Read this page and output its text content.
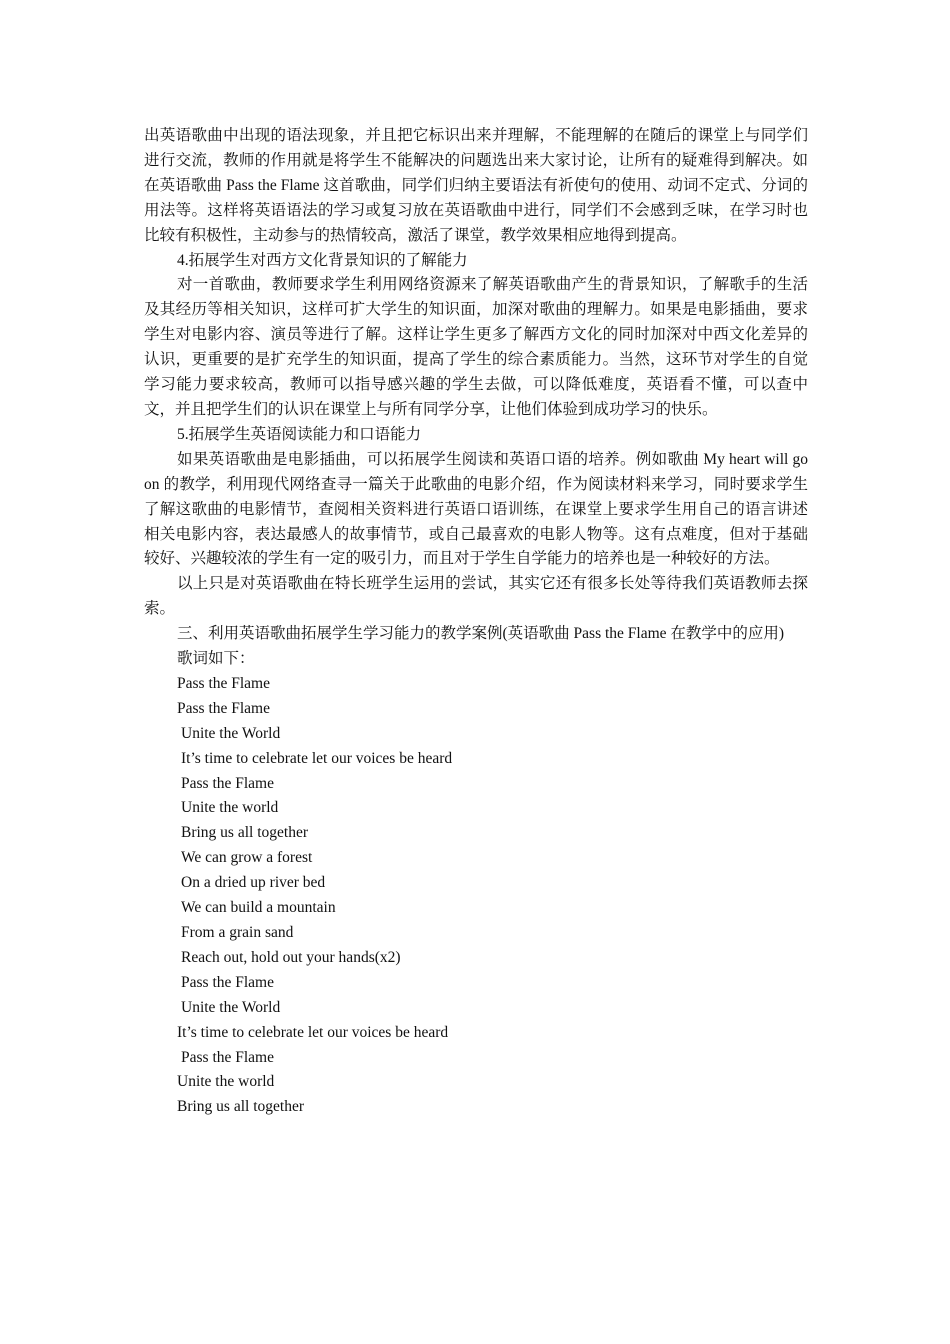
出英语歌曲中出现的语法现象，并且把它标识出来并理解，不能理解的在随后的课堂上与同学们进行交流，教师的作用就是将学生不能解决的问题选出来大家讨论，让所有的疑难得到解决。如在英语歌曲 Pass the Flame 这首歌曲，同学们归纳主要语法有祈使句的使用、动词不定式、分词的用法等。这样将英语语法的学习或复习放在英语歌曲中进行，同学们不会感到乏味，在学习时也比较有积极性，主动参与的热情较高，激活了课堂，教学效果相应地得到提高。

4.拓展学生对西方文化背景知识的了解能力

对一首歌曲，教师要求学生利用网络资源来了解英语歌曲产生的背景知识，了解歌手的生活及其经历等相关知识，这样可扩大学生的知识面，加深对歌曲的理解力。如果是电影插曲，要求学生对电影内容、演员等进行了解。这样让学生更多了解西方文化的同时加深对中西文化差异的认识，更重要的是扩充学生的知识面，提高了学生的综合素质能力。当然，这环节对学生的自觉学习能力要求较高，教师可以指导感兴趣的学生去做，可以降低难度，英语看不懂，可以查中文，并且把学生们的认识在课堂上与所有同学分享，让他们体验到成功学习的快乐。

5.拓展学生英语阅读能力和口语能力

如果英语歌曲是电影插曲，可以拓展学生阅读和英语口语的培养。例如歌曲 My heart will go on 的教学，利用现代网络查寻一篇关于此歌曲的电影介绍，作为阅读材料来学习，同时要求学生了解这歌曲的电影情节，查阅相关资料进行英语口语训练，在课堂上要求学生用自己的语言讲述相关电影内容，表达最感人的故事情节，或自己最喜欢的电影人物等。这有点难度，但对于基础较好、兴趣较浓的学生有一定的吸引力，而且对于学生自学能力的培养也是一种较好的方法。

以上只是对英语歌曲在特长班学生运用的尝试，其实它还有很多长处等待我们英语教师去探索。

三、利用英语歌曲拓展学生学习能力的教学案例(英语歌曲 Pass the Flame 在教学中的应用)

歌词如下：

Pass the Flame
Pass the Flame
Unite the World
It’s time to celebrate let our voices be heard
Pass the Flame
Unite the world
Bring us all together
We can grow a forest
On a dried up river bed
We can build a mountain
From a grain sand
Reach out, hold out your hands(x2)
Pass the Flame
Unite the World
It’s time to celebrate let our voices be heard
Pass the Flame
Unite the world
Bring us all together
